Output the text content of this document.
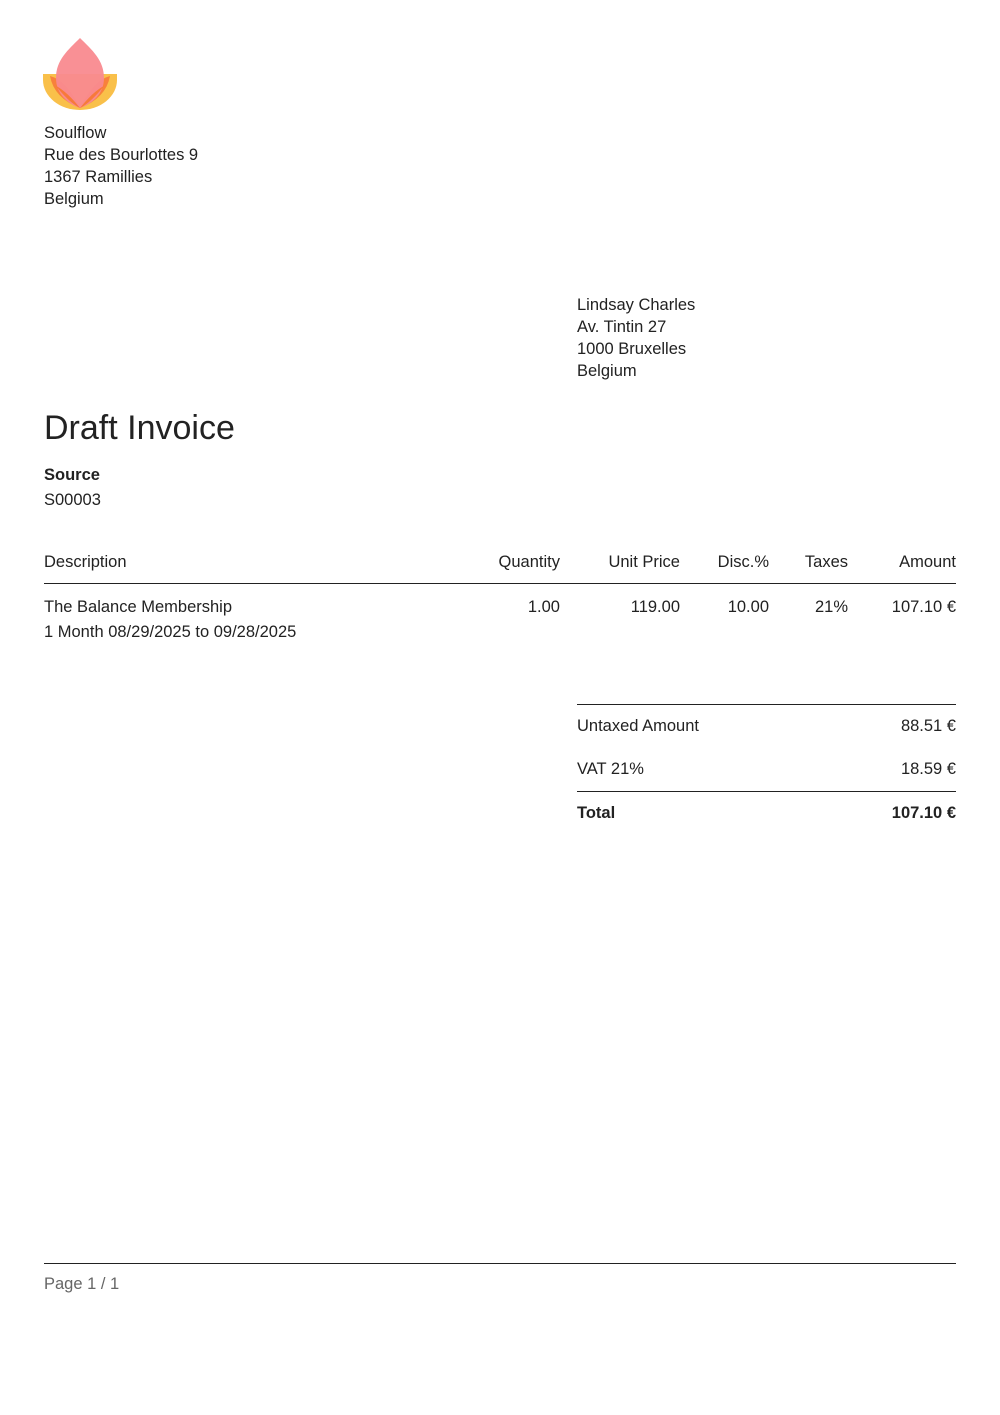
Soulflow
Rue des Bourlottes 9
1367 Ramillies
Belgium
Lindsay Charles
Av. Tintin 27
1000 Bruxelles
Belgium
Draft Invoice
Source
S00003
Description	Quantity	Unit Price	Disc.%	Taxes	Amount

The Balance Membership
1 Month 08/29/2025 to 09/28/2025	1.00	119.00	10.00	21%	107.10 €
Untaxed Amount	88.51 €
VAT 21%	18.59 €
Total	107.10 €
Page 1 / 1
